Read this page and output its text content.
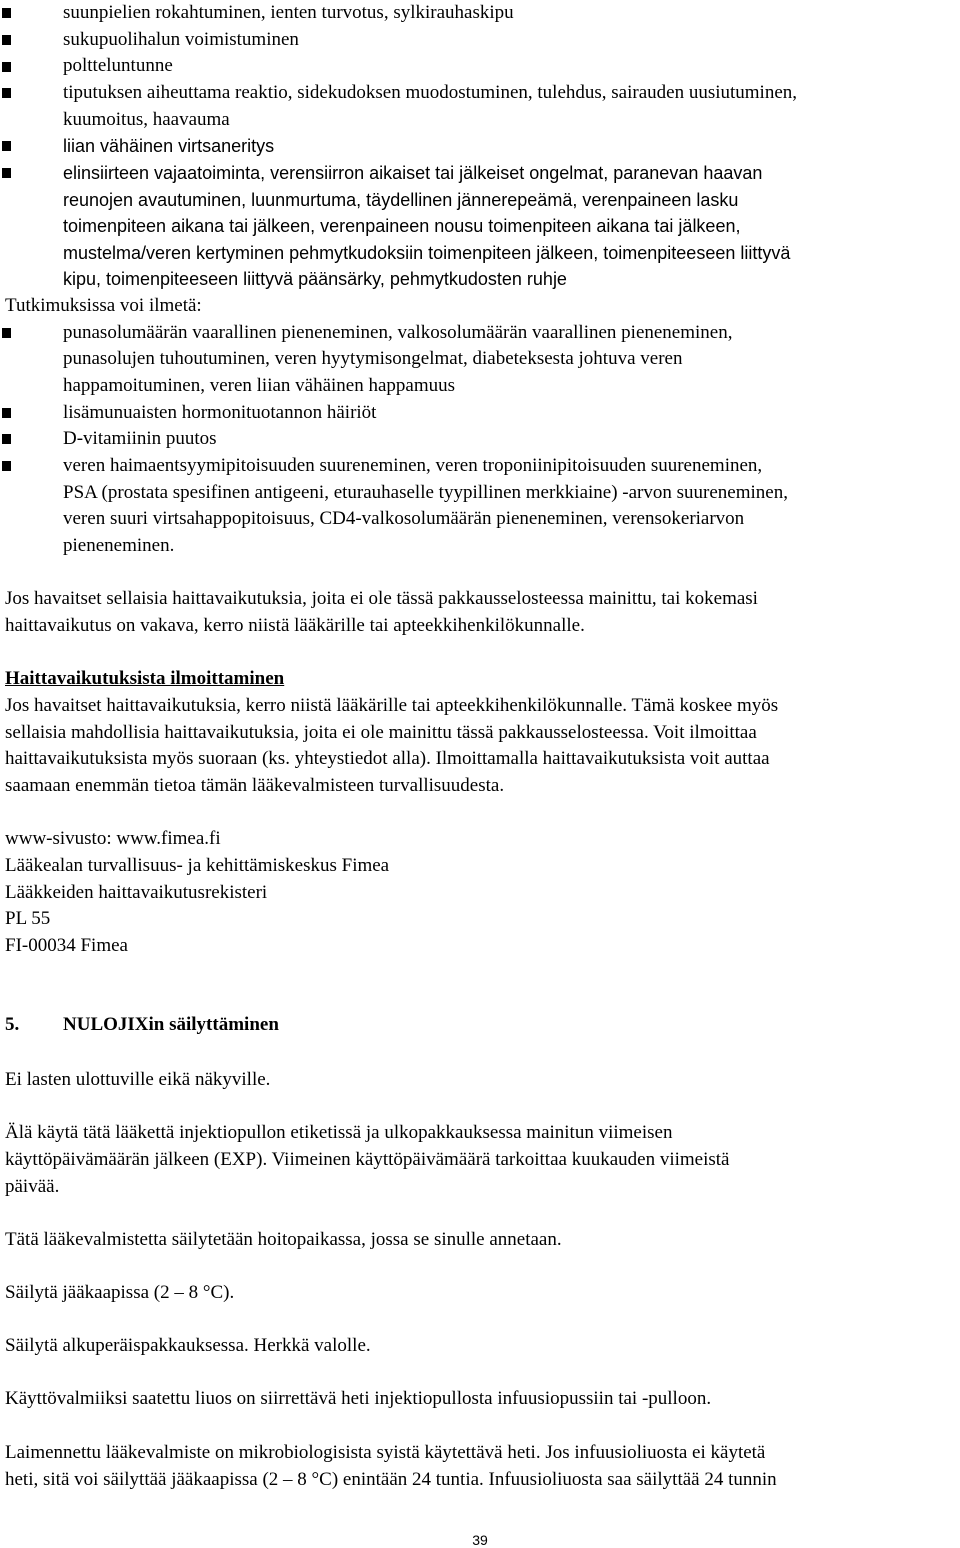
suunpielien rokahtuminen, ienten turvotus, sylkirauhaskipu

sukupuolihalun voimistuminen

poltteluntunne

tiputuksen aiheuttama reaktio, sidekudoksen muodostuminen, tulehdus, sairauden uusiutuminen,

kuumoitus, haavauma

liian vähäinen virtsaneritys

elinsiirteen vajaatoiminta, verensiirron aikaiset tai jälkeiset ongelmat, paranevan haavan

reunojen avautuminen, luunmurtuma, täydellinen jännerepeämä, verenpaineen lasku

toimenpiteen aikana tai jälkeen, verenpaineen nousu toimenpiteen aikana tai jälkeen,

mustelma/veren kertyminen pehmytkudoksiin toimenpiteen jälkeen, toimenpiteeseen liittyvä

kipu, toimenpiteeseen liittyvä päänsärky, pehmytkudosten ruhje

Tutkimuksissa voi ilmetä:

punasolumäärän vaarallinen pieneneminen, valkosolumäärän vaarallinen pieneneminen,

punasolujen tuhoutuminen, veren hyytymisongelmat, diabeteksesta johtuva veren

happamoituminen, veren liian vähäinen happamuus

lisämunuaisten hormonituotannon häiriöt

D-vitamiinin puutos

veren haimaentsyymipitoisuuden suureneminen, veren troponiinipitoisuuden suureneminen,

PSA (prostata spesifinen antigeeni, eturauhaselle tyypillinen merkkiaine) -arvon suureneminen,

veren suuri virtsahappopitoisuus, CD4-valkosolumäärän pieneneminen, verensokeriarvon

pieneneminen.

Jos havaitset sellaisia haittavaikutuksia, joita ei ole tässä pakkausselosteessa mainittu, tai kokemasi

haittavaikutus on vakava, kerro niistä lääkärille tai apteekkihenkilökunnalle.

Haittavaikutuksista ilmoittaminen

Jos havaitset haittavaikutuksia, kerro niistä lääkärille tai apteekkihenkilökunnalle. Tämä koskee myös

sellaisia mahdollisia haittavaikutuksia, joita ei ole mainittu tässä pakkausselosteessa. Voit ilmoittaa

haittavaikutuksista myös suoraan (ks. yhteystiedot alla). Ilmoittamalla haittavaikutuksista voit auttaa

saamaan enemmän tietoa tämän lääkevalmisteen turvallisuudesta.

www-sivusto: www.fimea.fi

Lääkealan turvallisuus- ja kehittämiskeskus Fimea

Lääkkeiden haittavaikutusrekisteri

PL 55

FI-00034 Fimea

5. NULOJIXin säilyttäminen

Ei lasten ulottuville eikä näkyville.

Älä käytä tätä lääkettä injektiopullon etiketissä ja ulkopakkauksessa mainitun viimeisen

käyttöpäivämäärän jälkeen (EXP). Viimeinen käyttöpäivämäärä tarkoittaa kuukauden viimeistä

päivää.

Tätä lääkevalmistetta säilytetään hoitopaikassa, jossa se sinulle annetaan.

Säilytä jääkaapissa (2 – 8 °C).

Säilytä alkuperäispakkauksessa. Herkkä valolle.

Käyttövalmiiksi saatettu liuos on siirrettävä heti injektiopullosta infuusiopussiin tai -pulloon.

Laimennettu lääkevalmiste on mikrobiologisista syistä käytettävä heti. Jos infuusioliuosta ei käytetä

heti, sitä voi säilyttää jääkaapissa (2 – 8 °C) enintään 24 tuntia. Infuusioliuosta saa säilyttää 24 tunnin

39
